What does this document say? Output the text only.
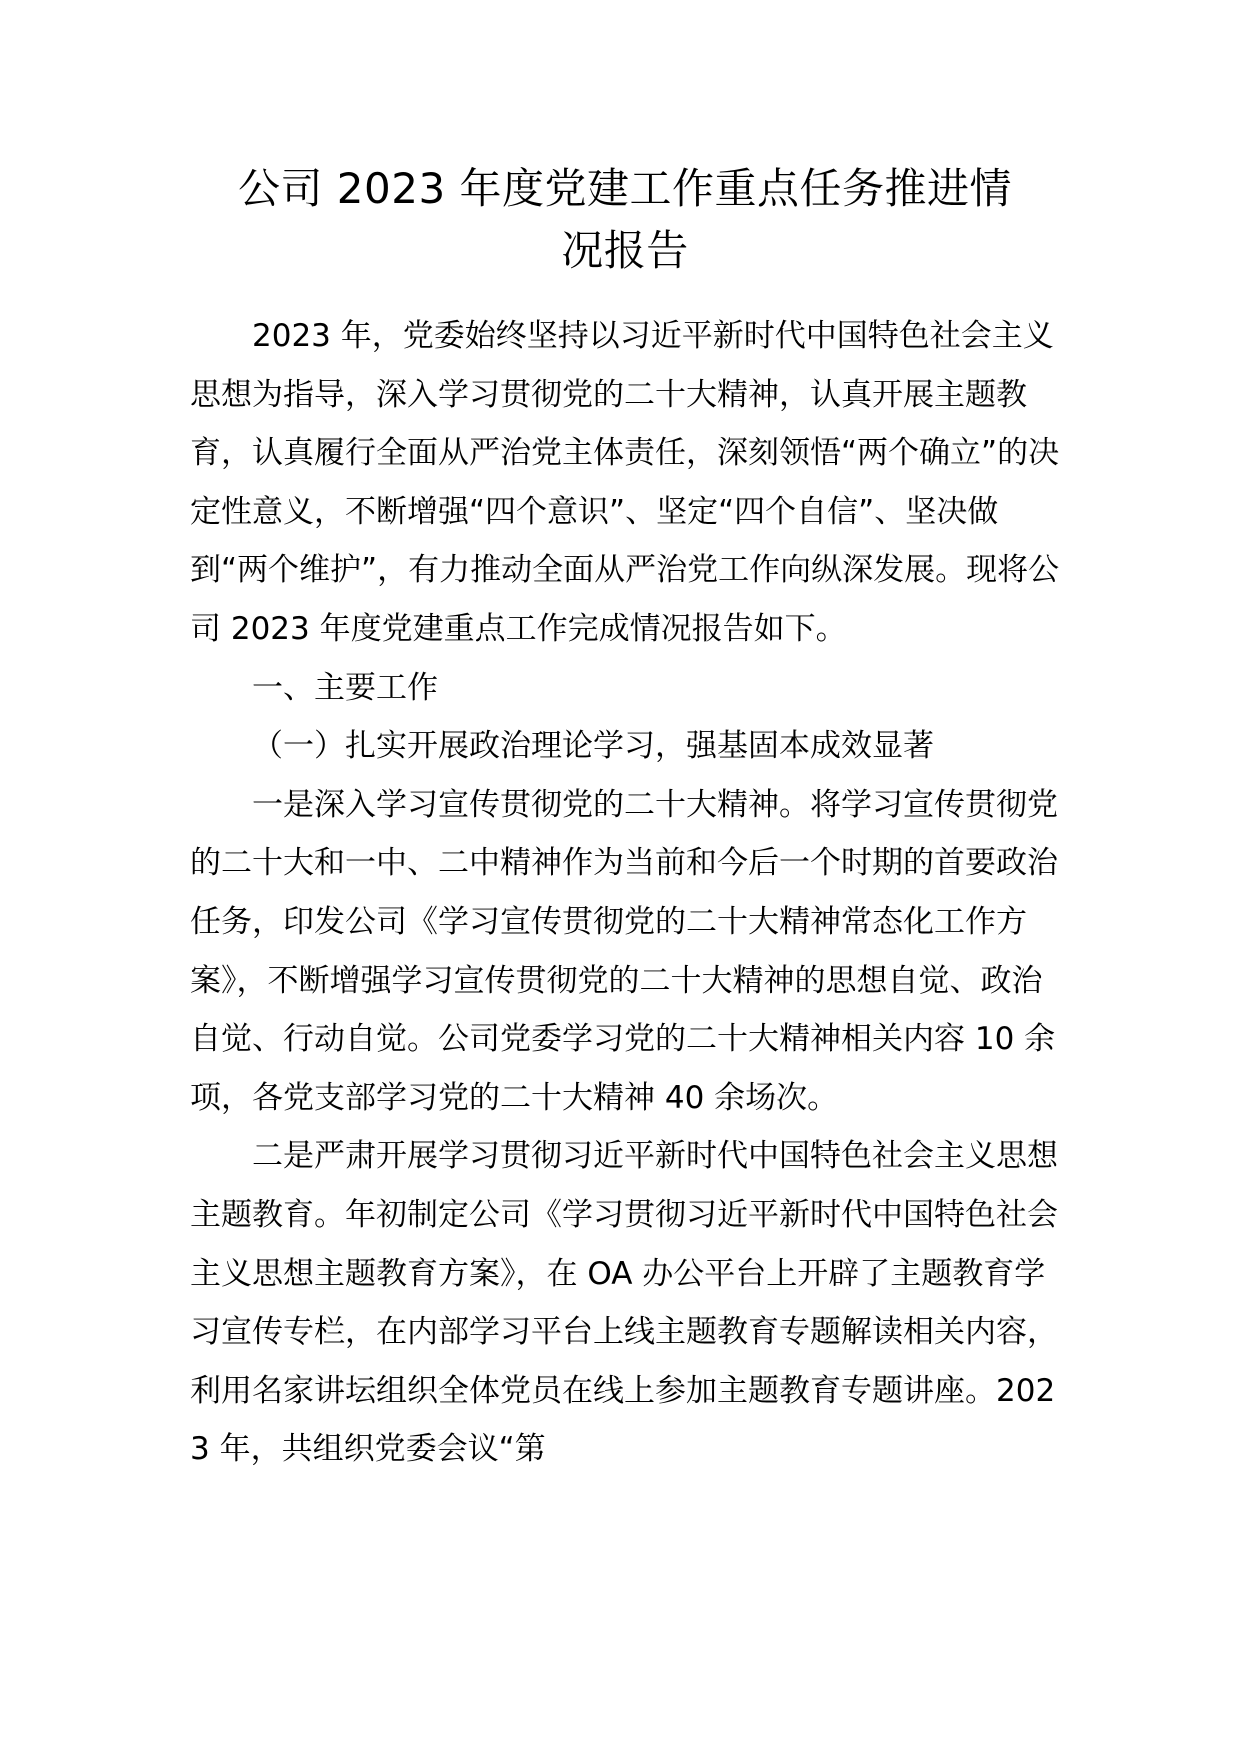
公司 2023 年度党建工作重点任务推进情
况报告

2023 年，党委始终坚持以习近平新时代中国特色社会主义思想为指导，深入学习贯彻党的二十大精神，认真开展主题教育，认真履行全面从严治党主体责任，深刻领悟“两个确立”的决定性意义，不断增强“四个意识”、坚定“四个自信”、坚决做到“两个维护”，有力推动全面从严治党工作向纵深发展。现将公司 2023 年度党建重点工作完成情况报告如下。

一、主要工作

（一）扎实开展政治理论学习，强基固本成效显著

一是深入学习宣传贯彻党的二十大精神。将学习宣传贯彻党的二十大和一中、二中精神作为当前和今后一个时期的首要政治任务，印发公司《学习宣传贯彻党的二十大精神常态化工作方案》，不断增强学习宣传贯彻党的二十大精神的思想自觉、政治自觉、行动自觉。公司党委学习党的二十大精神相关内容 10 余项，各党支部学习党的二十大精神 40 余场次。

二是严肃开展学习贯彻习近平新时代中国特色社会主义思想主题教育。年初制定公司《学习贯彻习近平新时代中国特色社会主义思想主题教育方案》，在 OA 办公平台上开辟了主题教育学习宣传专栏，在内部学习平台上线主题教育专题解读相关内容，利用名家讲坛组织全体党员在线上参加主题教育专题讲座。2023 年，共组织党委会议“第
